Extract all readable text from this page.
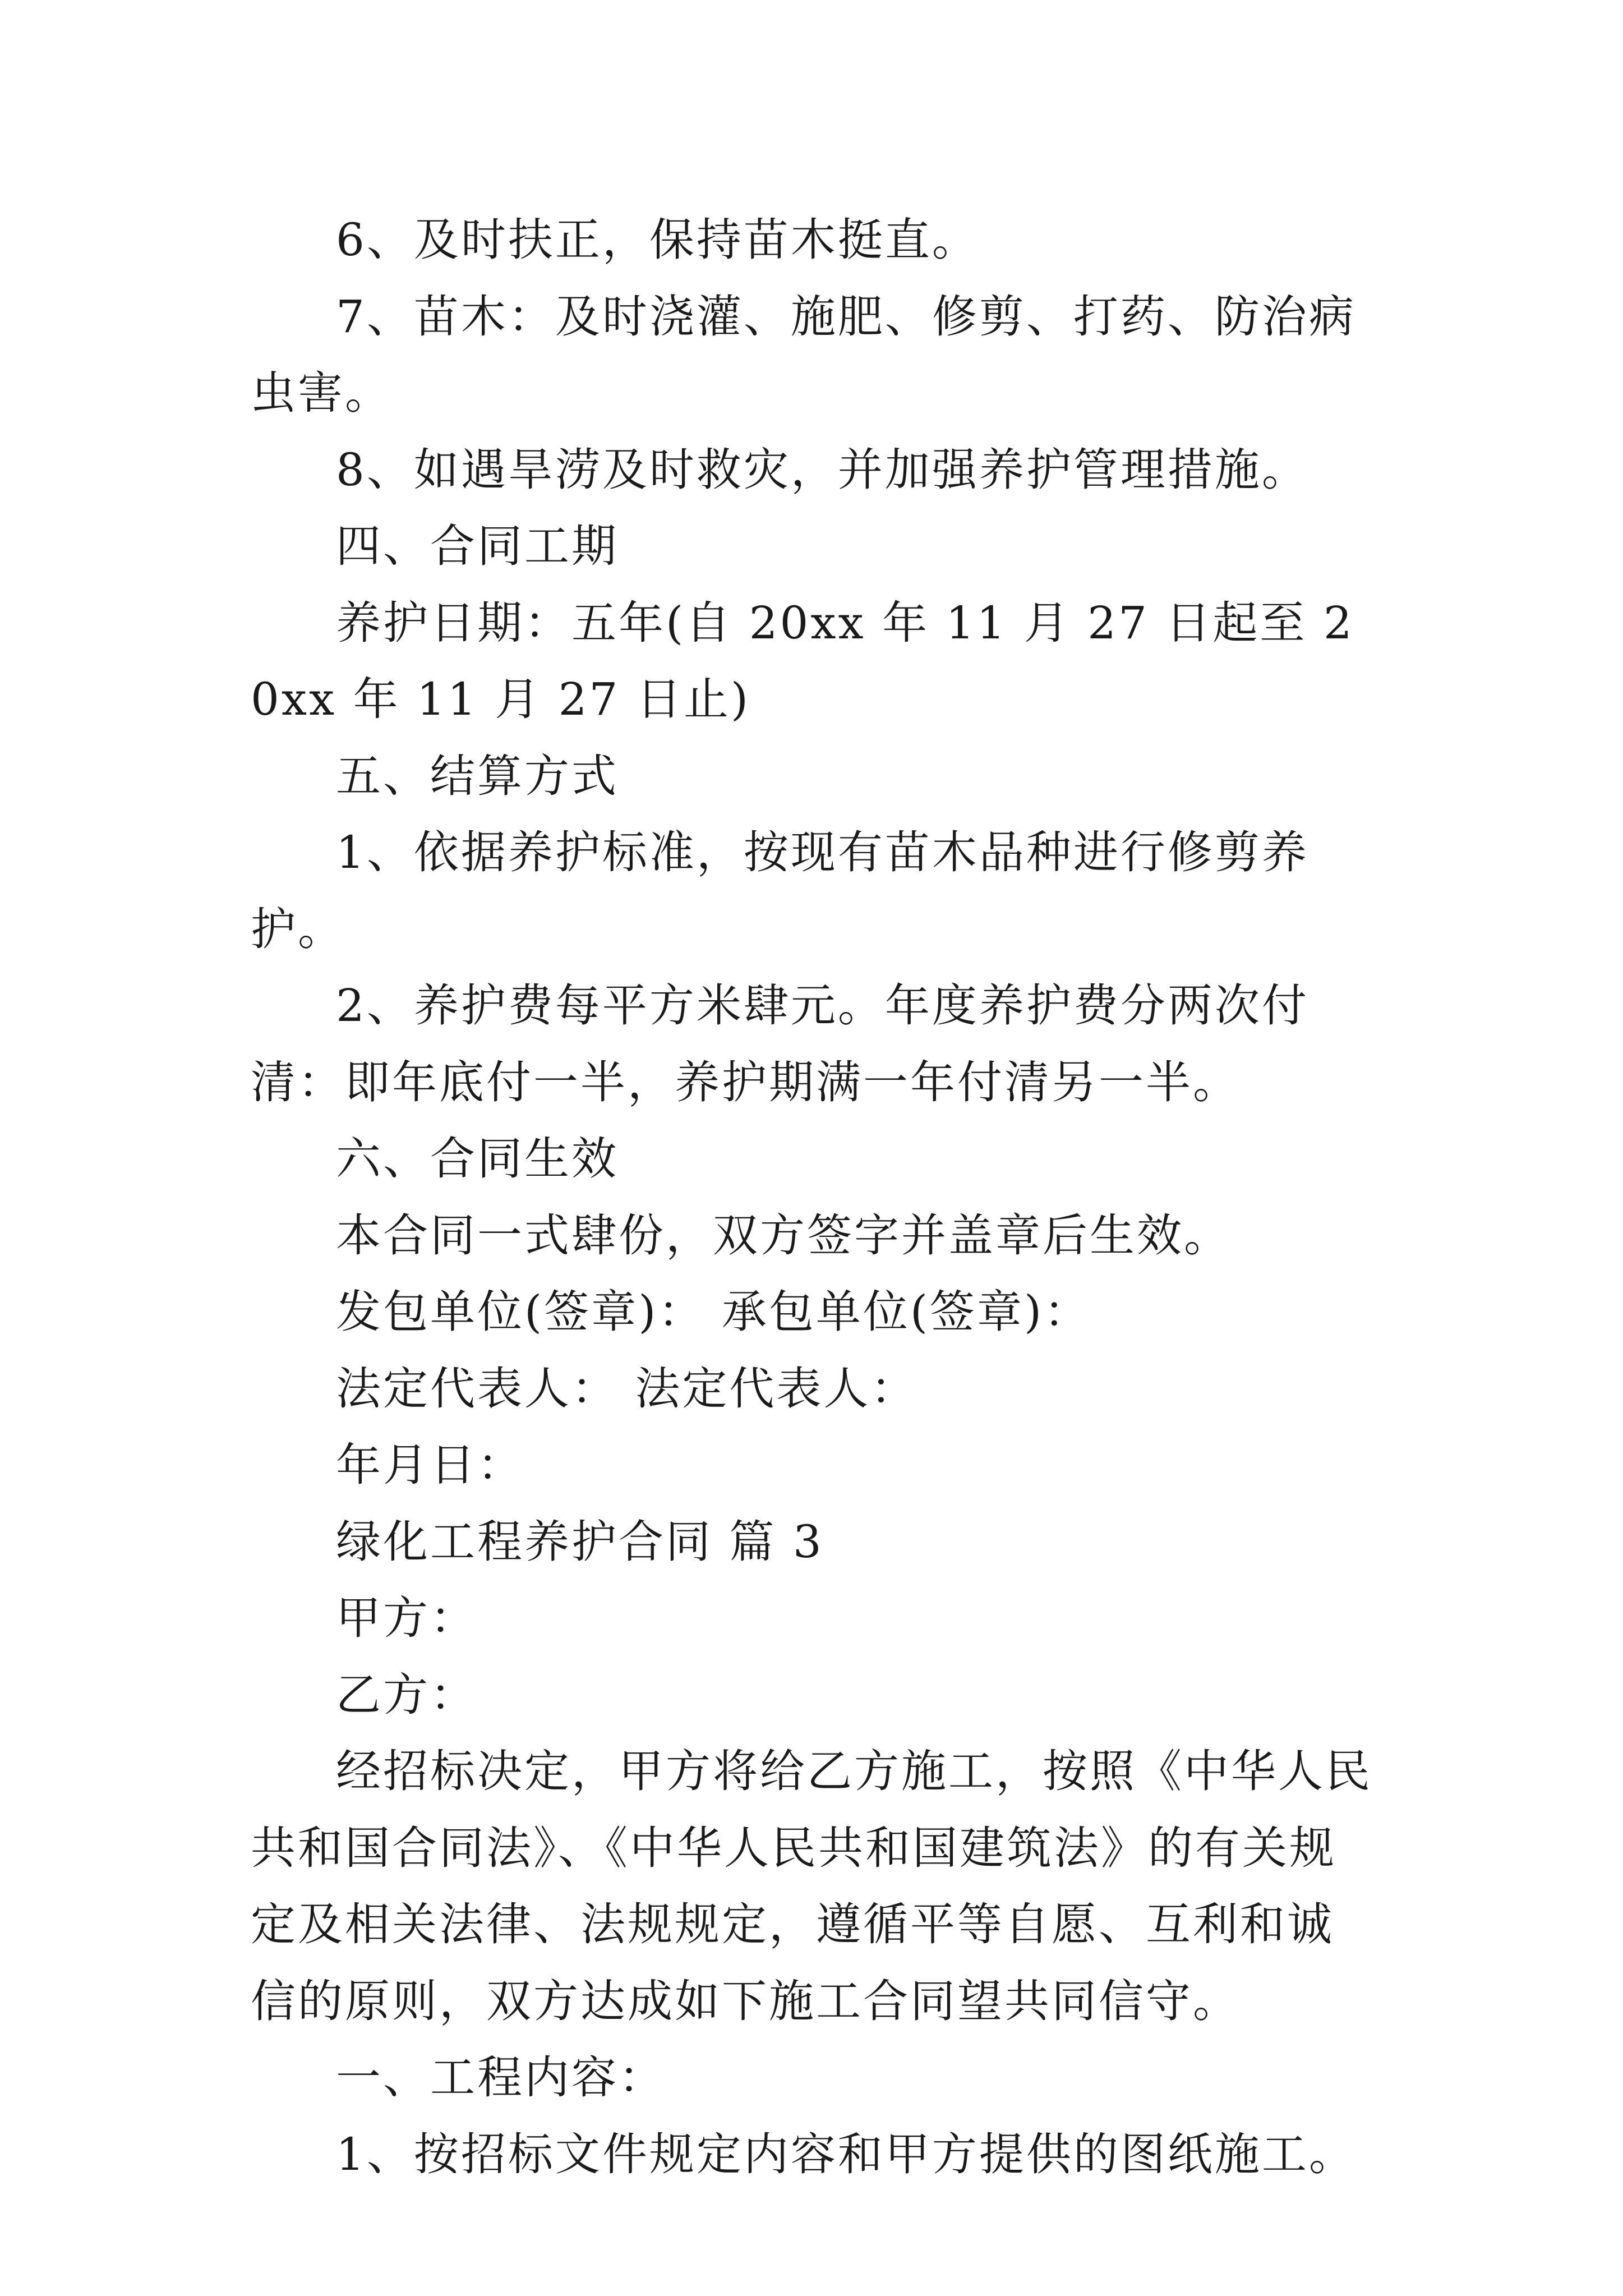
6、及时扶正，保持苗木挺直。

7、苗木：及时浇灌、施肥、修剪、打药、防治病虫害。

8、如遇旱涝及时救灾，并加强养护管理措施。

四、合同工期

养护日期：五年(自 20xx 年 11 月 27 日起至 20xx 年 11 月 27 日止)

五、结算方式

1、依据养护标准，按现有苗木品种进行修剪养护。

2、养护费每平方米肆元。年度养护费分两次付清：即年底付一半，养护期满一年付清另一半。

六、合同生效

本合同一式肆份，双方签字并盖章后生效。

发包单位(签章)： 承包单位(签章)：

法定代表人： 法定代表人：

年月日：

绿化工程养护合同 篇 3

甲方：

乙方：

经招标决定，甲方将给乙方施工，按照《中华人民共和国合同法》、《中华人民共和国建筑法》的有关规定及相关法律、法规规定，遵循平等自愿、互利和诚信的原则，双方达成如下施工合同望共同信守。

一、工程内容：

1、按招标文件规定内容和甲方提供的图纸施工。
